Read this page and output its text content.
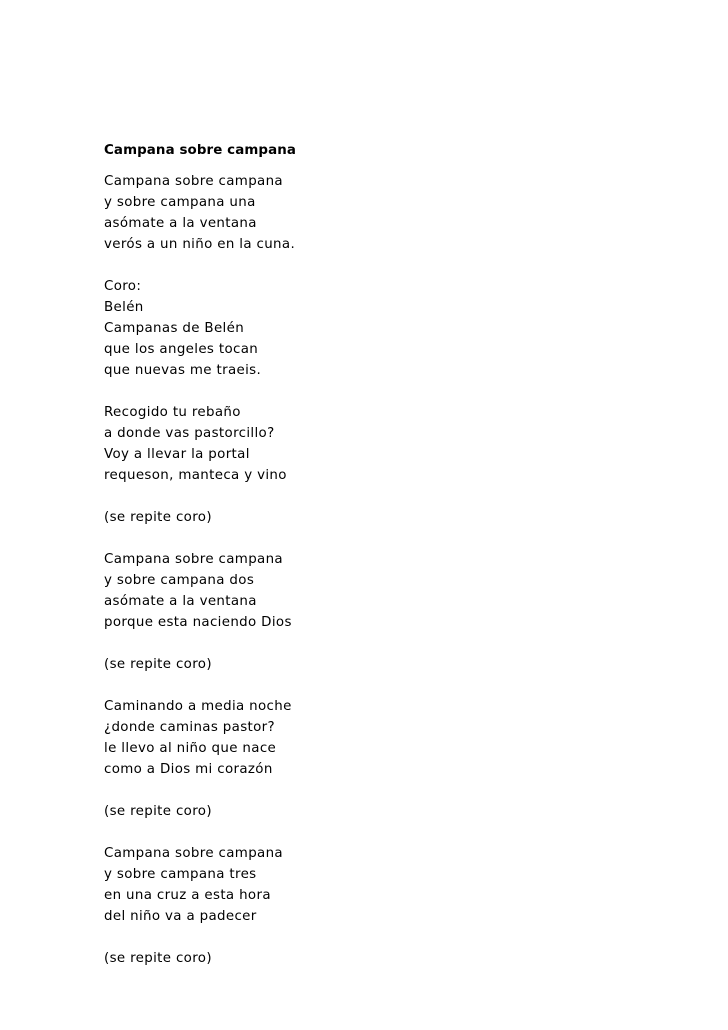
Campana sobre campana
Campana sobre campana
y sobre campana una
asómate a la ventana
verós a un niño en la cuna.
Coro:
Belén
Campanas de Belén
que los angeles tocan
que nuevas me traeis.
Recogido tu rebaño
a donde vas pastorcillo?
Voy a llevar la portal
requeson, manteca y vino
(se repite coro)
Campana sobre campana
y sobre campana dos
asómate a la ventana
porque esta naciendo Dios
(se repite coro)
Caminando a media noche
¿donde caminas pastor?
le llevo al niño que nace
como a Dios mi corazón
(se repite coro)
Campana sobre campana
y sobre campana tres
en una cruz a esta hora
del niño va a padecer
(se repite coro)
